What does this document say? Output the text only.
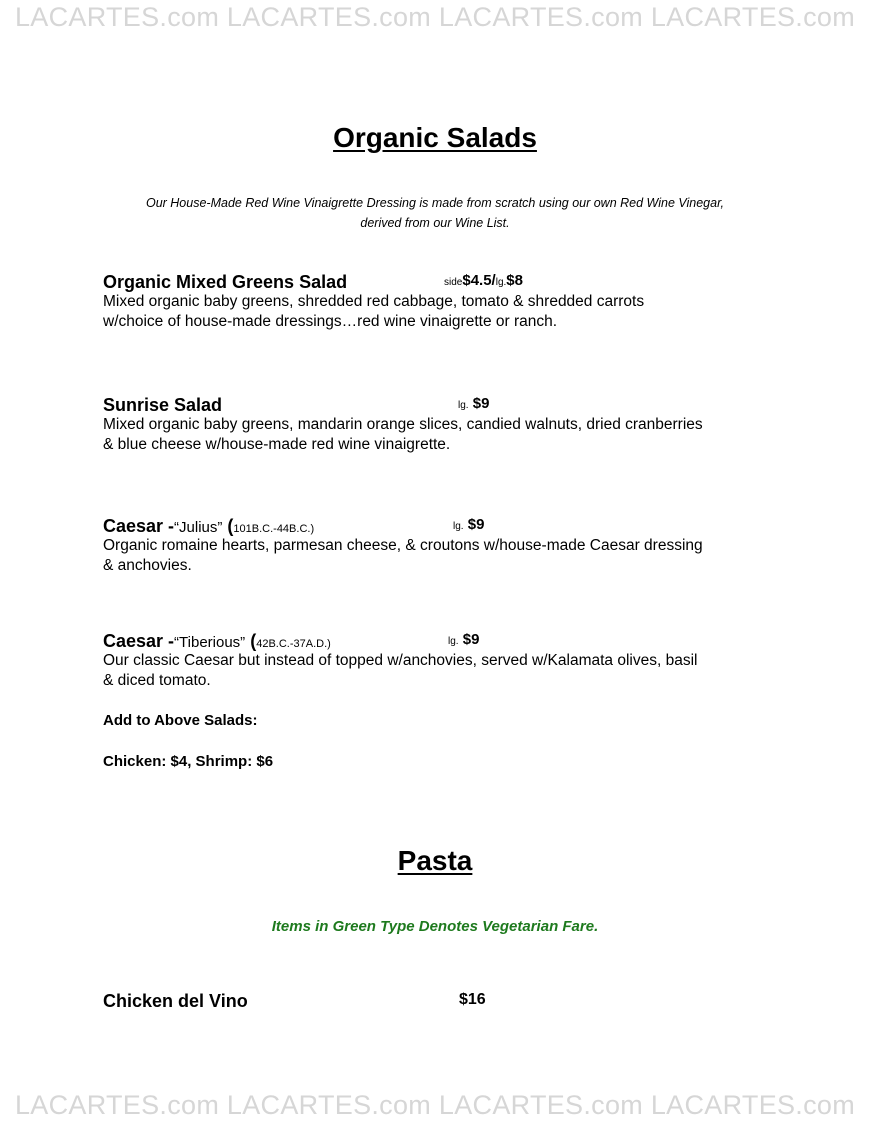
LACARTES.com LACARTES.com LACARTES.com LACARTES.com
Organic Salads
Our House-Made Red Wine Vinaigrette Dressing is made from scratch using our own Red Wine Vinegar,
derived from our Wine List.
Organic Mixed Greens Salad	side$4.5/lg.$8
Mixed organic baby greens, shredded red cabbage, tomato & shredded carrots
w/choice of house-made dressings…red wine vinaigrette or ranch.
Sunrise Salad	lg. $9
Mixed organic baby greens, mandarin orange slices, candied walnuts, dried cranberries
& blue cheese w/house-made red wine vinaigrette.
Caesar -“Julius” (101B.C.-44B.C.)	lg. $9
Organic romaine hearts, parmesan cheese, & croutons w/house-made Caesar dressing
& anchovies.
Caesar -“Tiberious” (42B.C.-37A.D.)	lg. $9
Our classic Caesar but instead of topped w/anchovies, served w/Kalamata olives, basil
& diced tomato.
Add to Above Salads:
Chicken: $4, Shrimp: $6
Pasta
Items in Green Type Denotes Vegetarian Fare.
Chicken del Vino	$16
LACARTES.com LACARTES.com LACARTES.com LACARTES.com
